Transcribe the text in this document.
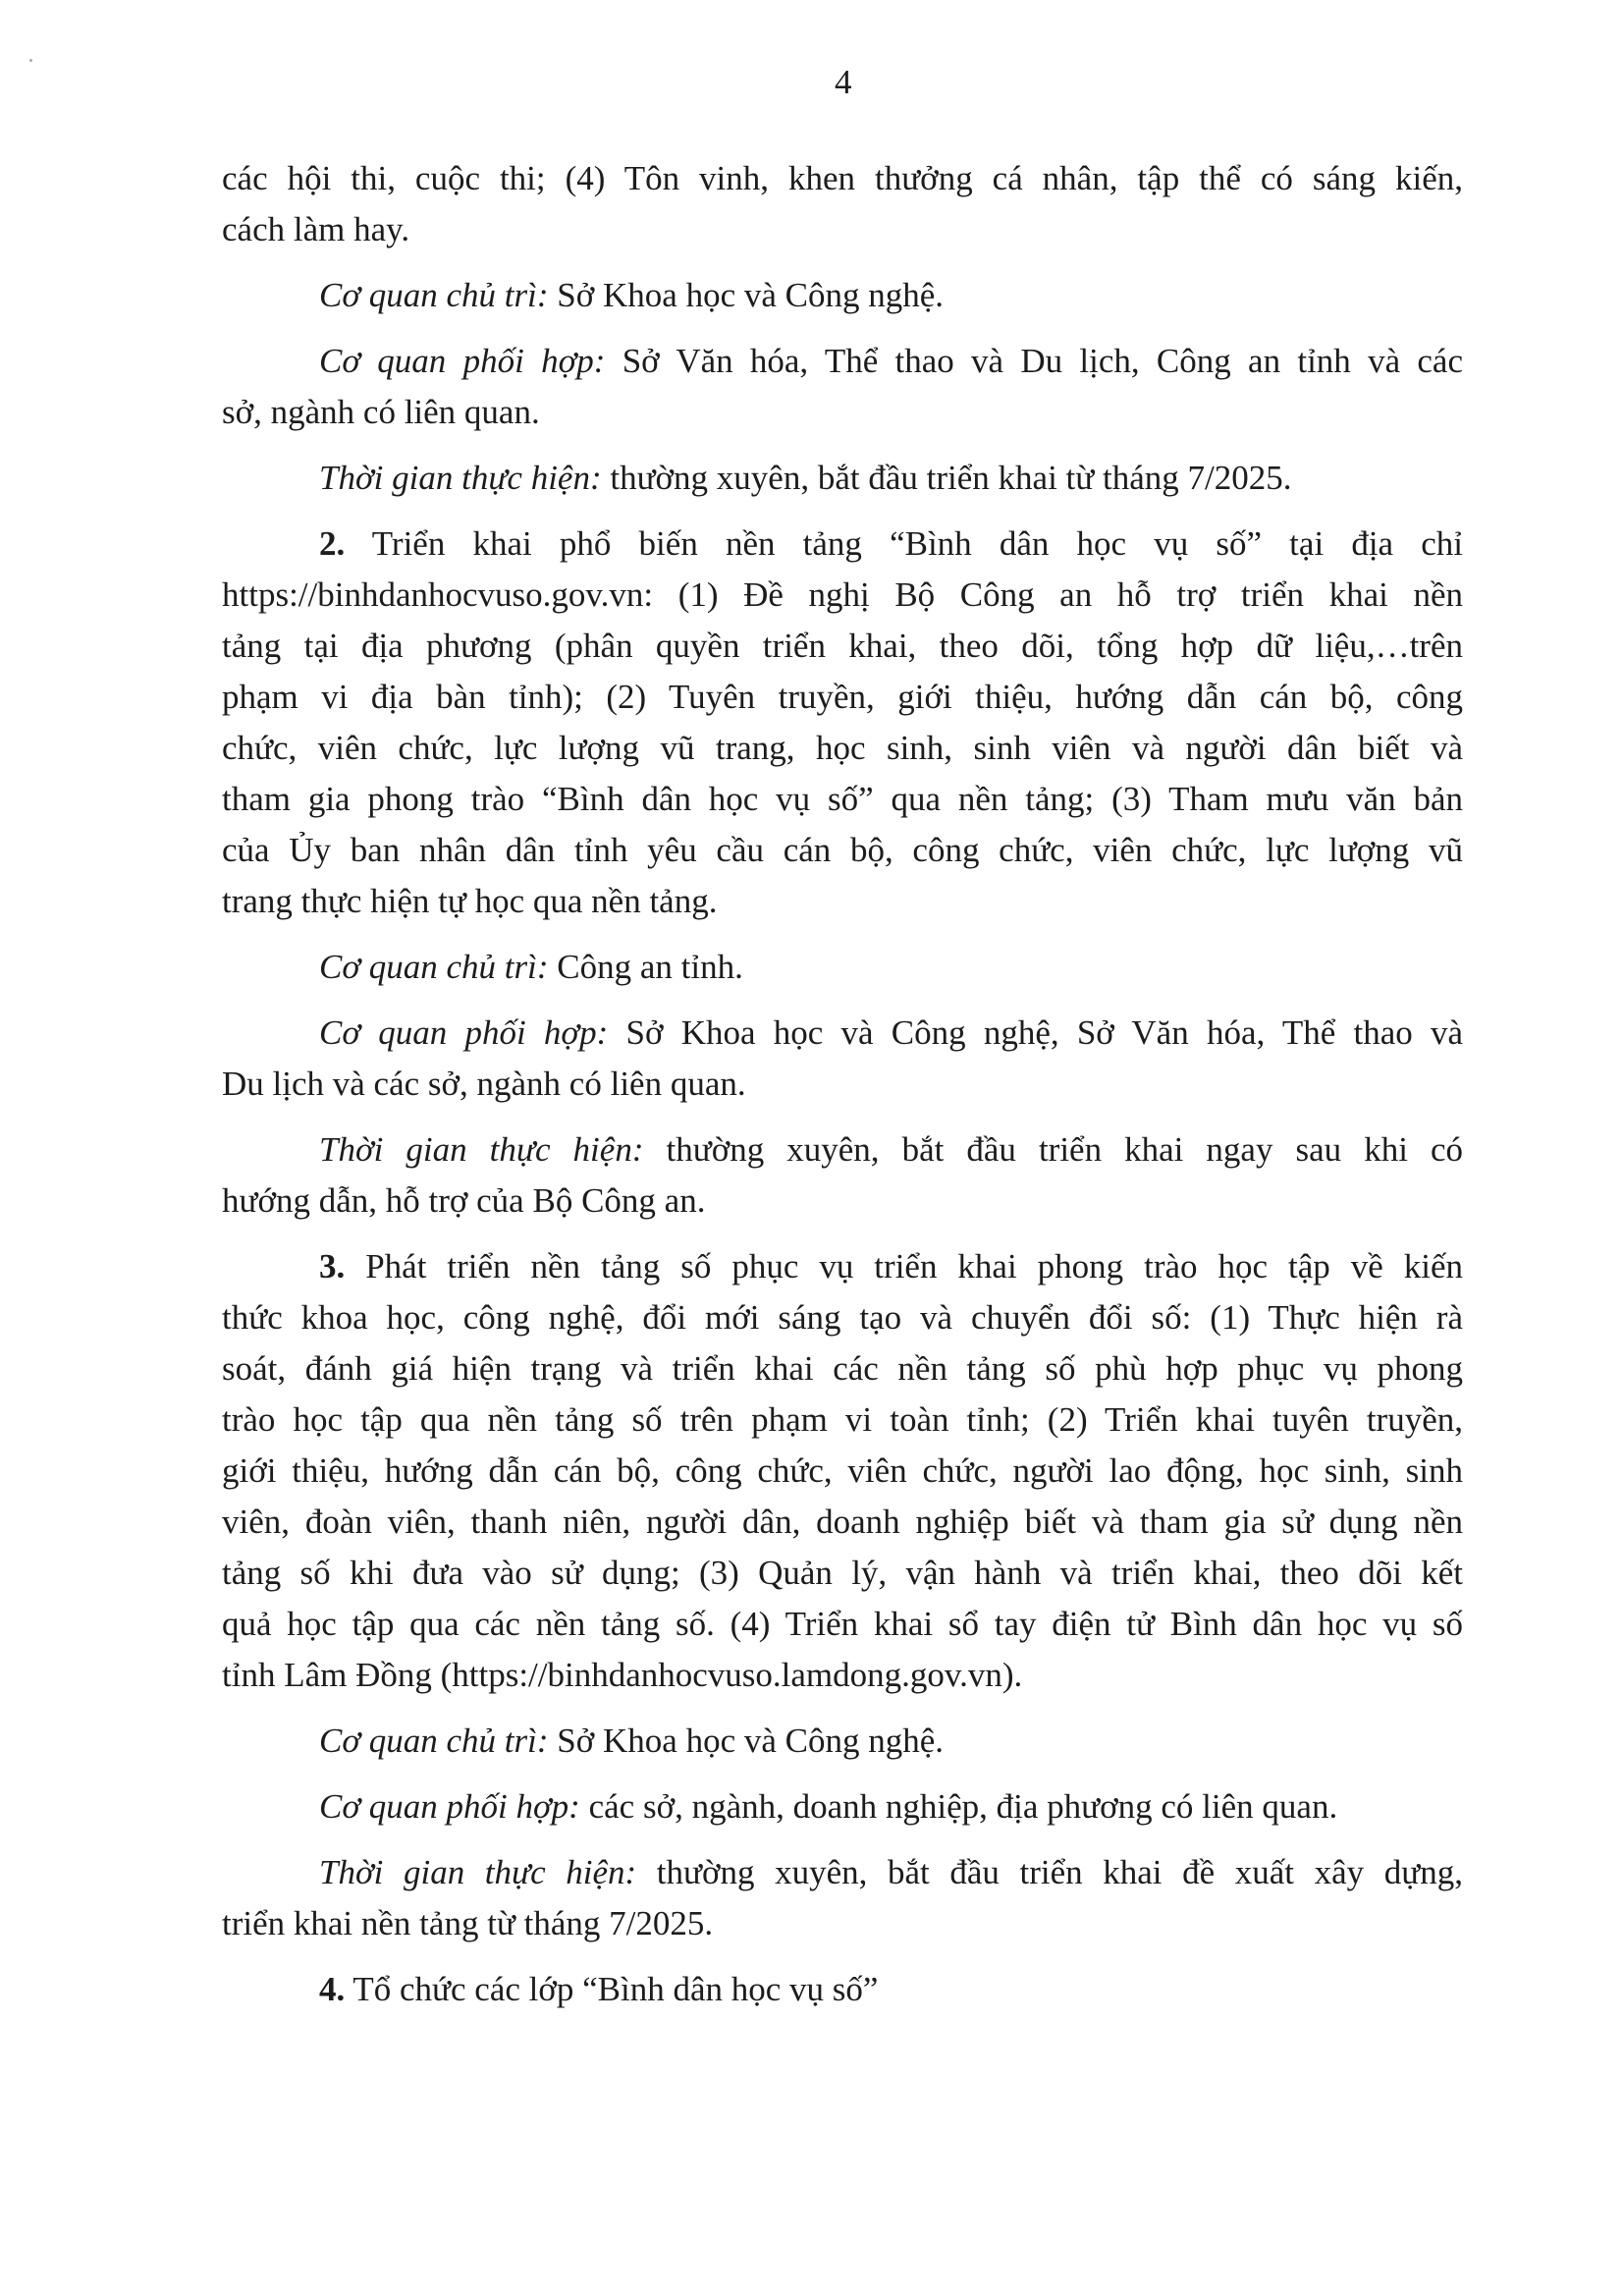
4
các hội thi, cuộc thi; (4) Tôn vinh, khen thưởng cá nhân, tập thể có sáng kiến,
cách làm hay.
Cơ quan chủ trì: Sở Khoa học và Công nghệ.
Cơ quan phối hợp: Sở Văn hóa, Thể thao và Du lịch, Công an tỉnh và các
sở, ngành có liên quan.
Thời gian thực hiện: thường xuyên, bắt đầu triển khai từ tháng 7/2025.
2. Triển khai phổ biến nền tảng “Bình dân học vụ số” tại địa chỉ
https://binhdanhocvuso.gov.vn: (1) Đề nghị Bộ Công an hỗ trợ triển khai nền
tảng tại địa phương (phân quyền triển khai, theo dõi, tổng hợp dữ liệu,…trên
phạm vi địa bàn tỉnh); (2) Tuyên truyền, giới thiệu, hướng dẫn cán bộ, công
chức, viên chức, lực lượng vũ trang, học sinh, sinh viên và người dân biết và
tham gia phong trào “Bình dân học vụ số” qua nền tảng; (3) Tham mưu văn bản
của Ủy ban nhân dân tỉnh yêu cầu cán bộ, công chức, viên chức, lực lượng vũ
trang thực hiện tự học qua nền tảng.
Cơ quan chủ trì: Công an tỉnh.
Cơ quan phối hợp: Sở Khoa học và Công nghệ, Sở Văn hóa, Thể thao và
Du lịch và các sở, ngành có liên quan.
Thời gian thực hiện: thường xuyên, bắt đầu triển khai ngay sau khi có
hướng dẫn, hỗ trợ của Bộ Công an.
3. Phát triển nền tảng số phục vụ triển khai phong trào học tập về kiến
thức khoa học, công nghệ, đổi mới sáng tạo và chuyển đổi số: (1) Thực hiện rà
soát, đánh giá hiện trạng và triển khai các nền tảng số phù hợp phục vụ phong
trào học tập qua nền tảng số trên phạm vi toàn tỉnh; (2) Triển khai tuyên truyền,
giới thiệu, hướng dẫn cán bộ, công chức, viên chức, người lao động, học sinh, sinh
viên, đoàn viên, thanh niên, người dân, doanh nghiệp biết và tham gia sử dụng nền
tảng số khi đưa vào sử dụng; (3) Quản lý, vận hành và triển khai, theo dõi kết
quả học tập qua các nền tảng số. (4) Triển khai sổ tay điện tử Bình dân học vụ số
tỉnh Lâm Đồng (https://binhdanhocvuso.lamdong.gov.vn).
Cơ quan chủ trì: Sở Khoa học và Công nghệ.
Cơ quan phối hợp: các sở, ngành, doanh nghiệp, địa phương có liên quan.
Thời gian thực hiện: thường xuyên, bắt đầu triển khai đề xuất xây dựng,
triển khai nền tảng từ tháng 7/2025.
4. Tổ chức các lớp “Bình dân học vụ số”
